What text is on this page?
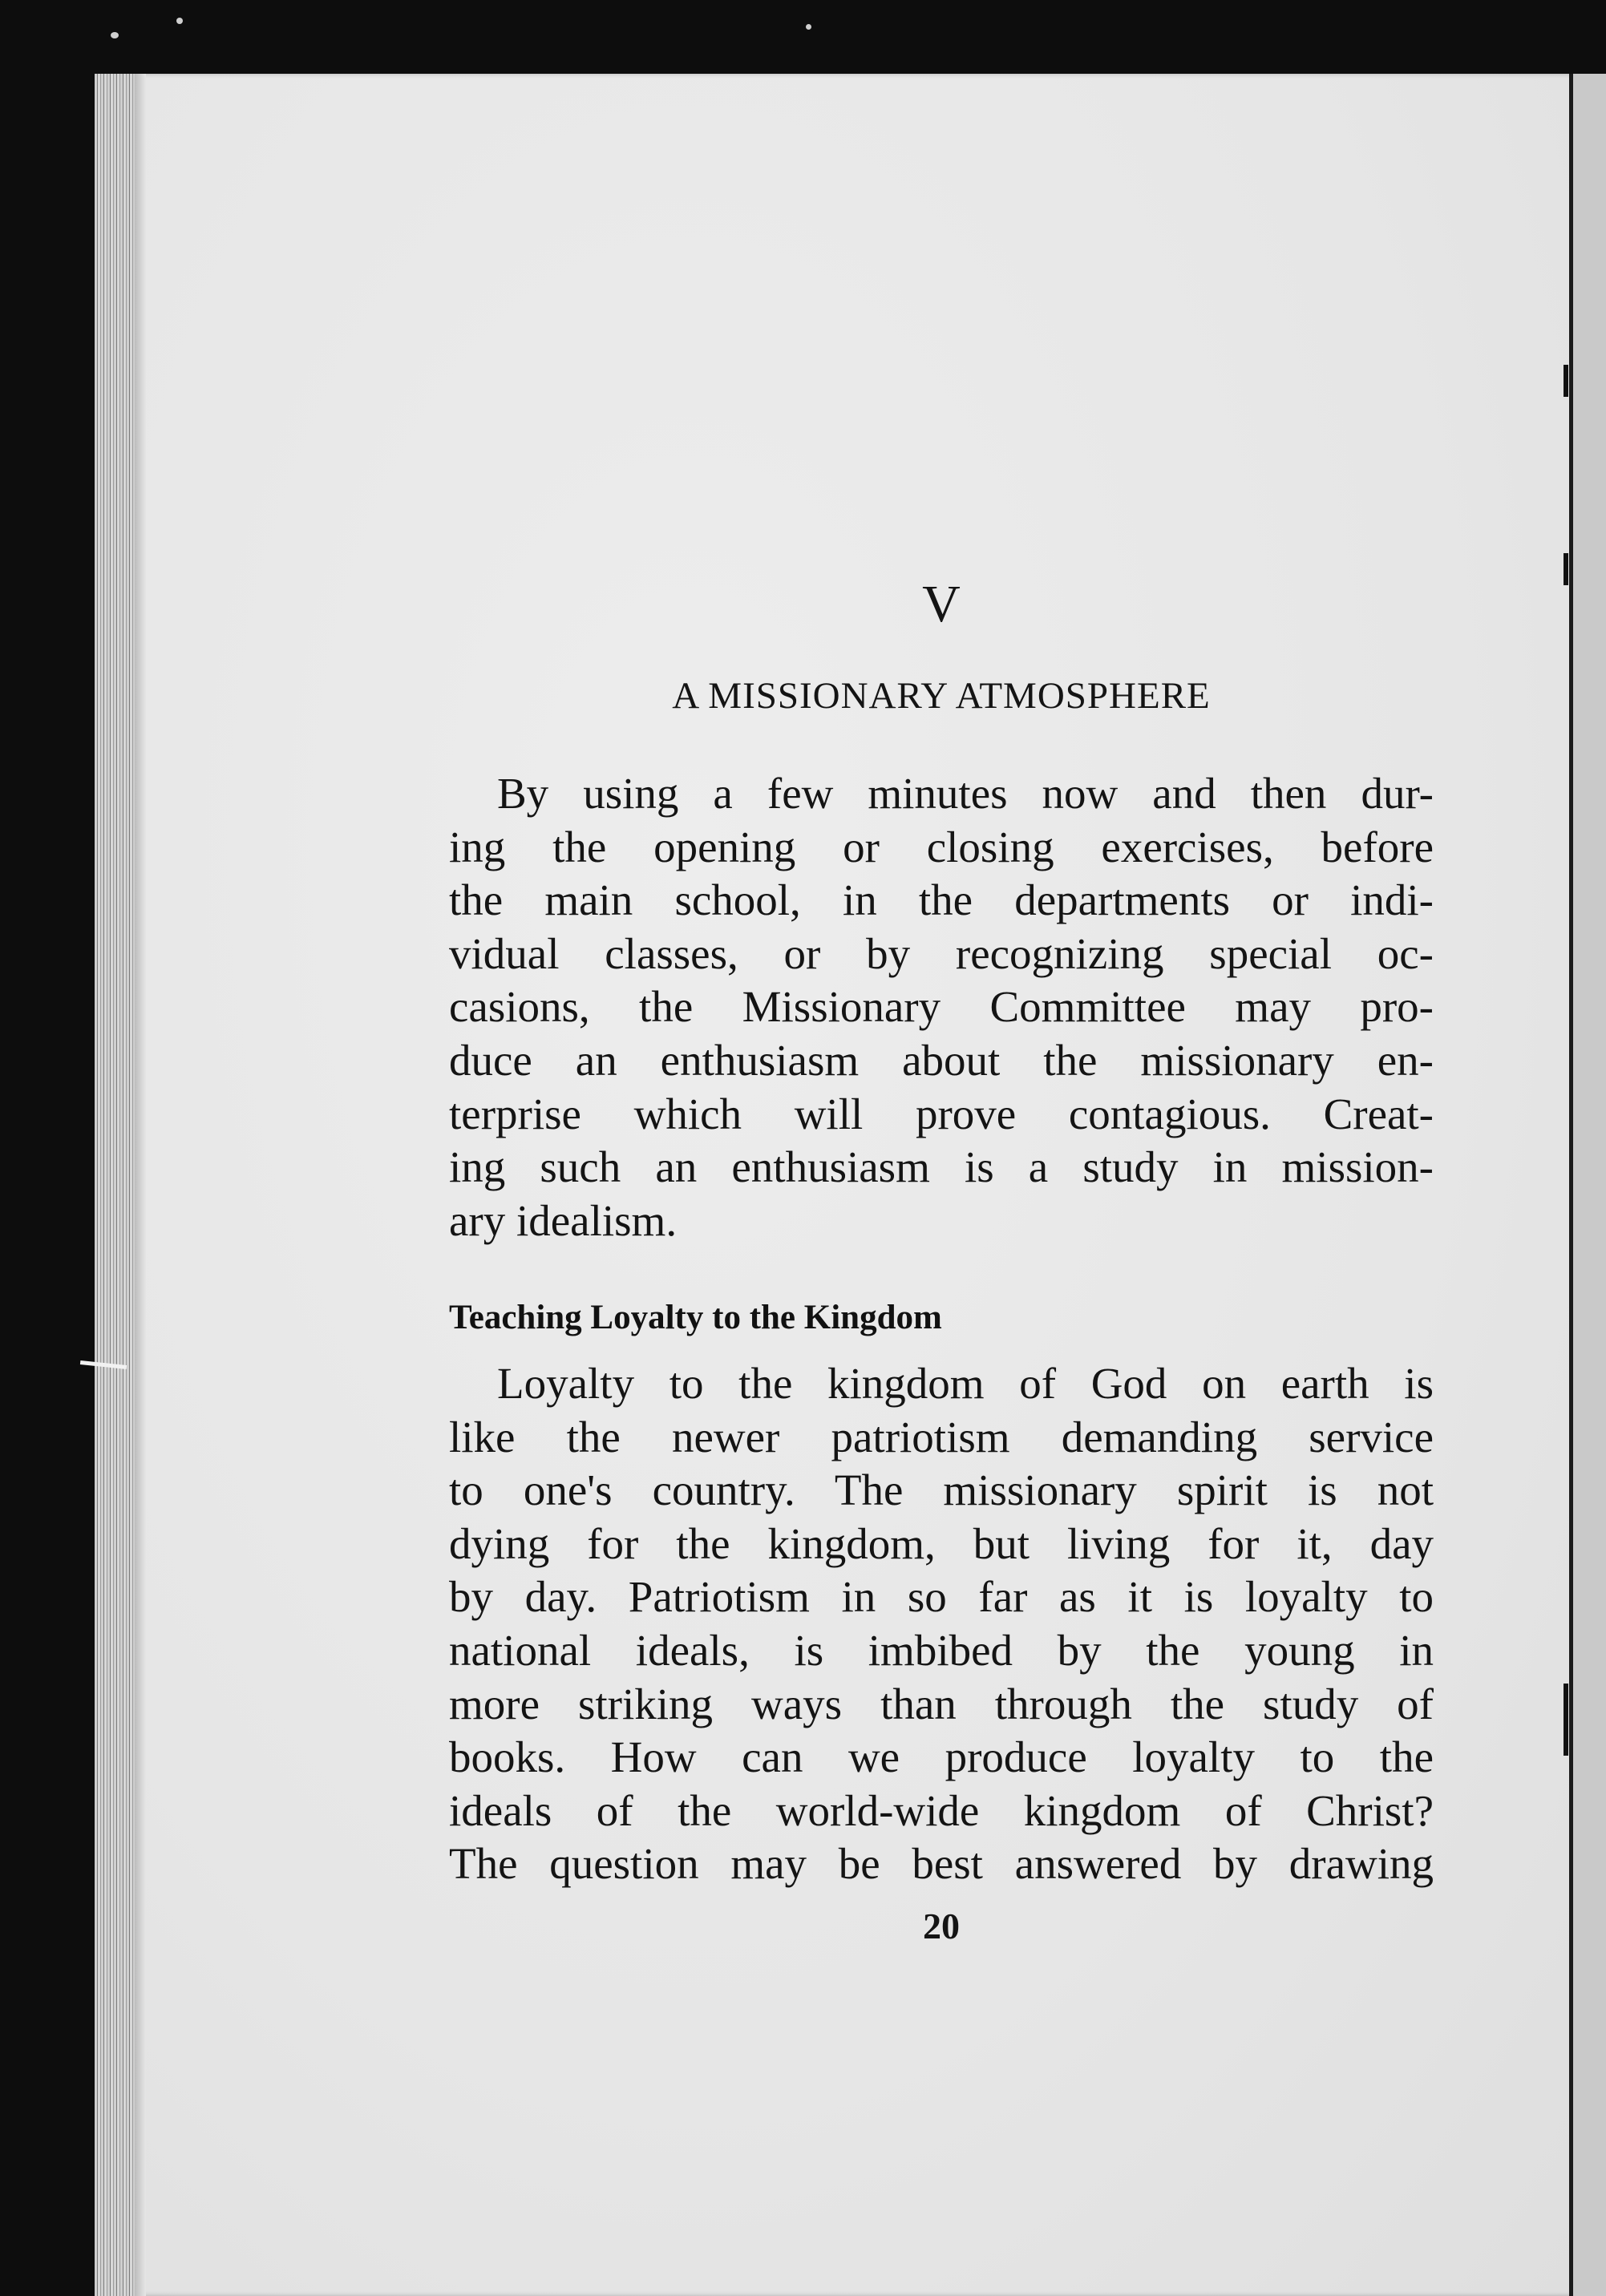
V
A MISSIONARY ATMOSPHERE
By using a few minutes now and then dur-
ing the opening or closing exercises, before
the main school, in the departments or indi-
vidual classes, or by recognizing special oc-
casions, the Missionary Committee may pro-
duce an enthusiasm about the missionary en-
terprise which will prove contagious. Creat-
ing such an enthusiasm is a study in mission-
ary idealism.
Teaching Loyalty to the Kingdom
Loyalty to the kingdom of God on earth is
like the newer patriotism demanding service
to one's country. The missionary spirit is not
dying for the kingdom, but living for it, day
by day. Patriotism in so far as it is loyalty to
national ideals, is imbibed by the young in
more striking ways than through the study of
books. How can we produce loyalty to the
ideals of the world-wide kingdom of Christ?
The question may be best answered by drawing
20
